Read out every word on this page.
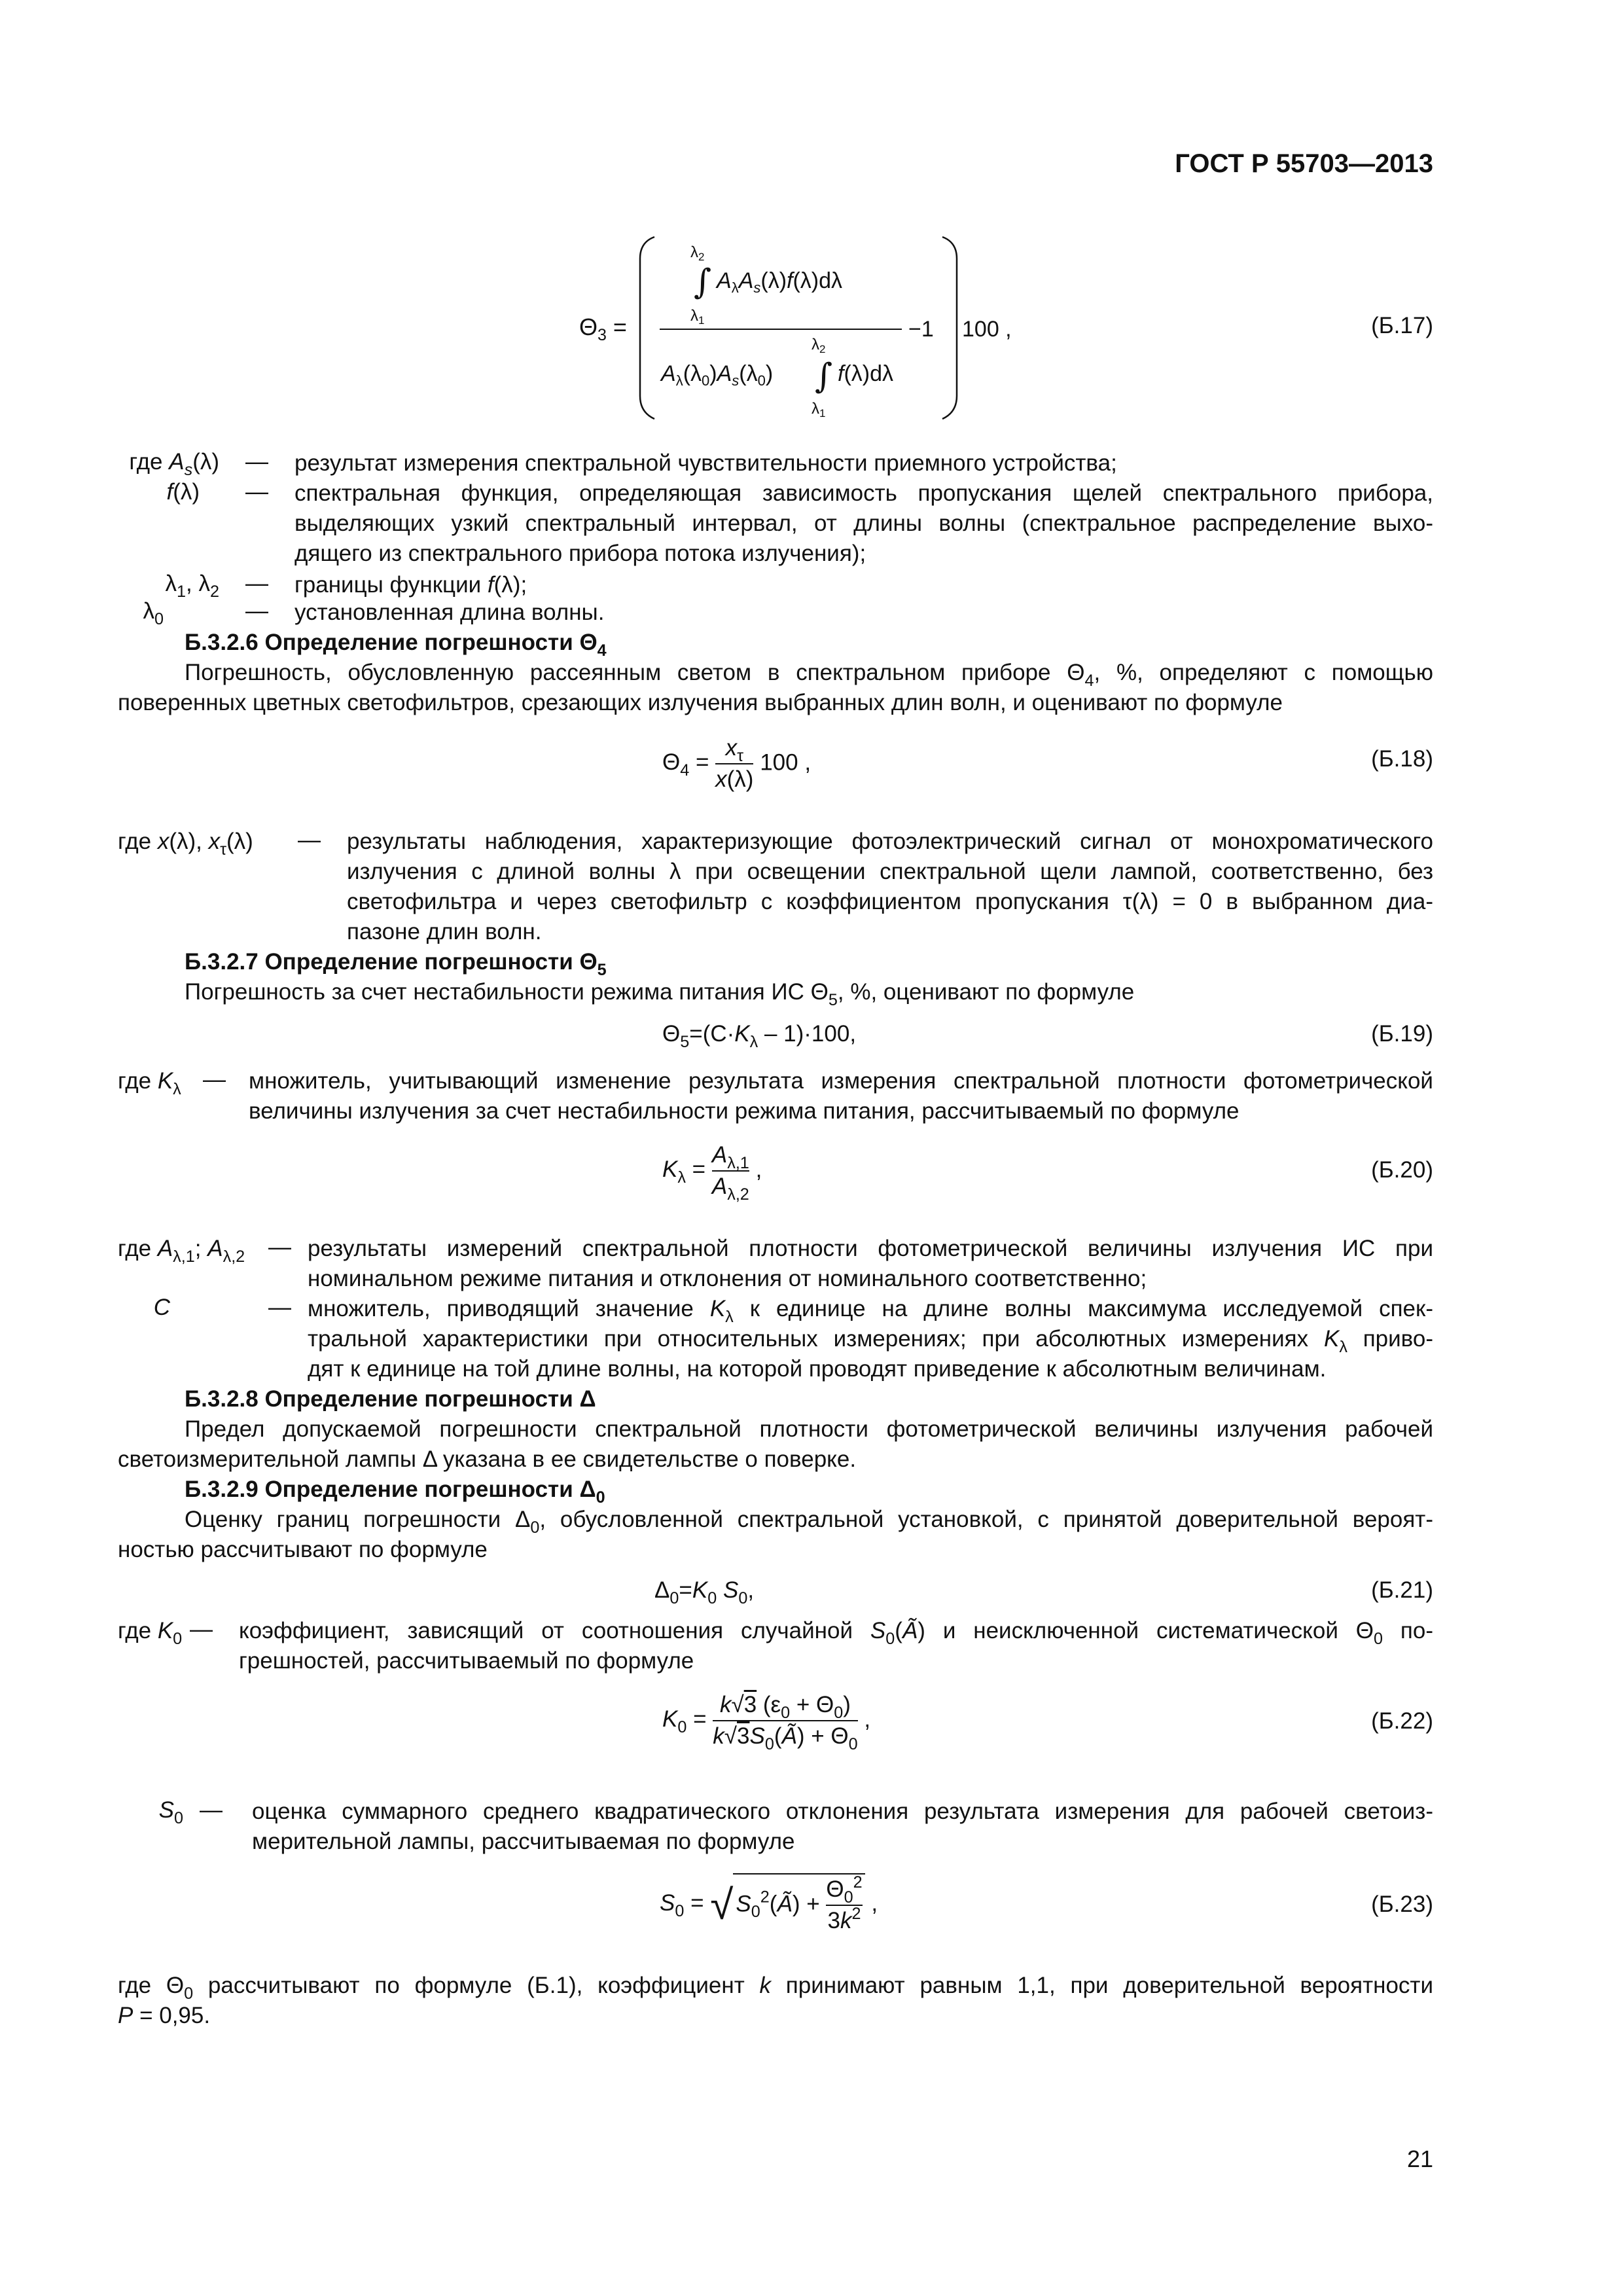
ГОСТ Р 55703—2013
$\Theta_3$ =
$\lambda_2$
∫
$\lambda_1$
$A_\lambda A_s(\lambda)f(\lambda)d\lambda$
$\lambda_2$
∫
$\lambda_1$
$A_\lambda(\lambda_0)A_s(\lambda_0)$	f(λ)dλ
−1 100 ,	(Б.17)
где $A_s(\lambda)$ — результат измерения спектральной чувствительности приемного устройства;
f(λ) — спектральная функция, определяющая зависимость пропускания щелей спектрального прибора,
выделяющих узкий спектральный интервал, от длины волны (спектральное распределение выхо-
дящего из спектрального прибора потока излучения);
$\lambda_1$, $\lambda_2$ — границы функции f(λ);
$\lambda_0$	— установленная длина волны.
Б.3.2.6 Определение погрешности $\Theta_4$
Погрешность, обусловленную рассеянным светом в спектральном приборе $\Theta_4$, %, определяют с помощью
поверенных цветных светофильтров, срезающих излучения выбранных длин волн, и оценивают по формуле
$\Theta_4 = \frac{x_\tau}{x(\lambda)} 100$ ,	(Б.18)
где x(λ), $x_\tau(\lambda)$	— результаты наблюдения, характеризующие фотоэлектрический сигнал от монохроматического
излучения с длиной волны λ при освещении спектральной щели лампой, соответственно, без
светофильтра и через светофильтр с коэффициентом пропускания τ(λ) = 0 в выбранном диа-
пазоне длин волн.
Б.3.2.7 Определение погрешности $\Theta_5$
Погрешность за счет нестабильности режима питания ИС $\Theta_5$, %, оценивают по формуле
$\Theta_5=(C\cdot K_\lambda - 1)\cdot 100$,	(Б.19)
где $K_\lambda$ — множитель, учитывающий изменение результата измерения спектральной плотности фотометрической
величины излучения за счет нестабильности режима питания, рассчитываемый по формуле
$K_\lambda = \frac{A_{\lambda,1}}{A_{\lambda,2}}$ ,	(Б.20)
где $A_{\lambda,1}$; $A_{\lambda,2}$	— результаты измерений спектральной плотности фотометрической величины излучения ИС при
номинальном режиме питания и отклонения от номинального соответственно;
C	— множитель, приводящий значение $K_\lambda$ к единице на длине волны максимума исследуемой спек-
тральной характеристики при относительных измерениях; при абсолютных измерениях $K_\lambda$ приво-
дят к единице на той длине волны, на которой проводят приведение к абсолютным величинам.
Б.3.2.8 Определение погрешности Δ
Предел допускаемой погрешности спектральной плотности фотометрической величины излучения рабочей
светоизмерительной лампы Δ указана в ее свидетельстве о поверке.
Б.3.2.9 Определение погрешности $\Delta_0$
Оценку границ погрешности $\Delta_0$, обусловленной спектральной установкой, с принятой доверительной вероят-
ностью рассчитывают по формуле
$\Delta_0=K_0$ $S_0$,	(Б.21)
где $K_0$ — коэффициент, зависящий от соотношения случайной $S_0(Ã)$ и неисключенной систематической $\Theta_0$ по-
грешностей, рассчитываемый по формуле
$K_0 = \frac{k√3 (\varepsilon_0 + \Theta_0)}{k√3S_0(Ã) + \Theta_0}$ ,	(Б.22)
$S_0$ — оценка суммарного среднего квадратического отклонения результата измерения для рабочей светоиз-
мерительной лампы, рассчитываемая по формуле
$S_0$ = √ $S_0^2(Ã) + \frac{\Theta_0^2}{3k^2}$ ,	(Б.23)
где $\Theta_0$ рассчитывают по формуле (Б.1), коэффициент k принимают равным 1,1, при доверительной вероятности
P = 0,95.
21
